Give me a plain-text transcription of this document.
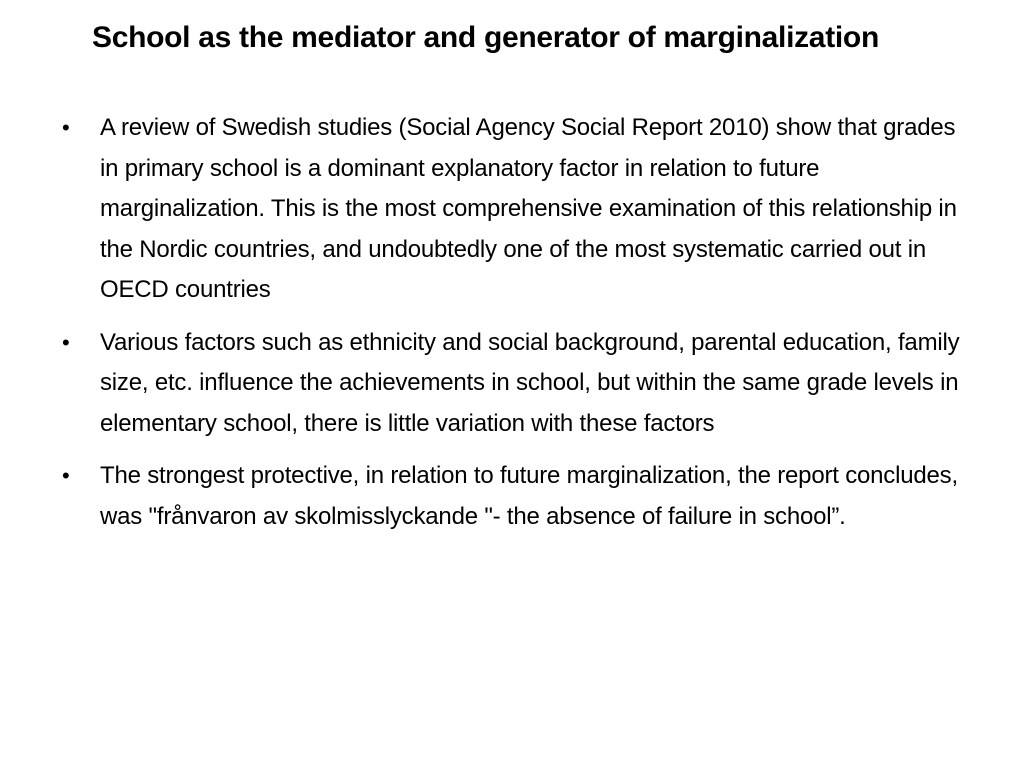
School as the mediator and generator of marginalization
•	A review of Swedish studies (Social Agency Social Report 2010) show that grades in primary school is a dominant explanatory factor in relation to future marginalization. This is the most comprehensive examination of this relationship in the Nordic countries, and undoubtedly one of the most systematic carried out in OECD countries
•	Various factors such as ethnicity and social background, parental education, family size, etc. influence the achievements in school, but within the same grade levels in elementary school, there is little variation with these factors
•	The strongest protective, in relation to future marginalization, the report concludes, was "frånvaron av skolmisslyckande "- the absence of failure in school”.
